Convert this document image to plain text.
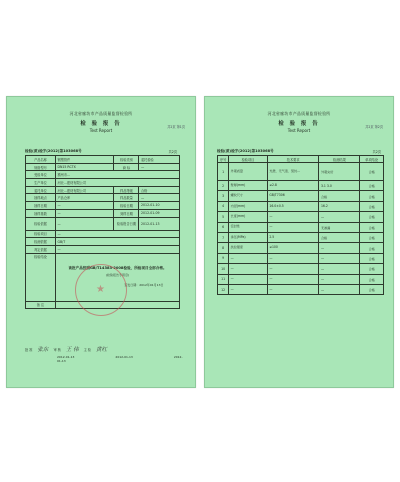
河北省廊坊市产品质量监督检验所
检 验 报 告
Test Report
共2页 第1页
检验(质)检字(2012)第103068号	共2页
产品名称	钢塑管件	检验类别	委托检验
规格型号	DN15 RCTX	商 标	—
受检单位	霸州市...		
生产单位	河北...建材有限公司		
委托单位	河北...建材有限公司	样品等级	合格
抽样地点	产品仓库	样品数量	—
抽样日期	—	检验日期	2012-01-10
抽样基数	—	到样日期	2012-01-09
检验依据	—	检验报告日期	2012-01-13
检验项目	—		
检测依据	GB/T		
判定依据	—		
检验结论	该批产品按照GB/T14383-2008检验，所检项目全部合格。
(检验报告专用章)
签发日期：2012年01月13日		

备 注			
★
批 准 张东 审 核 王 伟 主 检 黄红
2012-01-13	2012-01-13	2012-01-13
河北省廊坊市产品质量监督检验所
检 验 报 告
Test Report
共2页 第2页
检验(质)检字(2012)第103068号	共2页
序号	检验项目	技术要求	检测结果	单项结论
1	外观质量	光滑，无气泡、裂纹...	外观完好	合格
2	壁厚(mm)	≥2.8	3.1 3.0	合格
3	螺纹尺寸	GB/T7306	合格	合格
4	内径(mm)	16.0±0.5	16.2	合格
5	长度(mm)	—	—	合格
6	密封性	—	无渗漏	合格
7	承压(MPa)	2.5	合格	合格
8	抗拉强度	≥100	—	合格
9	—	—	—	合格
10	—	—	—	合格
11	—	—	—	合格
12	—	—	—	合格
